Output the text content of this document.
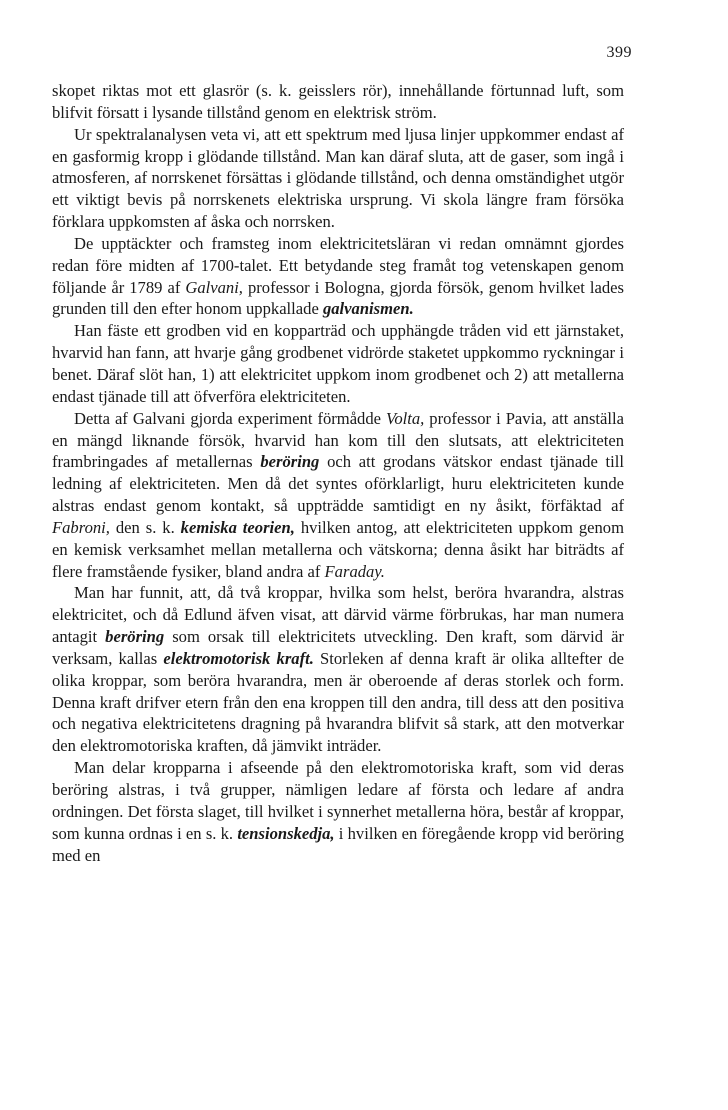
399

skopet riktas mot ett glasrör (s. k. geisslers rör), innehållande förtunnad luft, som blifvit försatt i lysande tillstånd genom en elektrisk ström.

Ur spektralanalysen veta vi, att ett spektrum med ljusa linjer uppkommer endast af en gasformig kropp i glödande tillstånd. Man kan däraf sluta, att de gaser, som ingå i atmosferen, af norrskenet försättas i glödande tillstånd, och denna omständighet utgör ett viktigt bevis på norrskenets elektriska ursprung. Vi skola längre fram försöka förklara uppkomsten af åska och norrsken.

De upptäckter och framsteg inom elektricitetsläran vi redan omnämnt gjordes redan före midten af 1700-talet. Ett betydande steg framåt tog vetenskapen genom följande år 1789 af Galvani, professor i Bologna, gjorda försök, genom hvilket lades grunden till den efter honom uppkallade galvanismen.

Han fäste ett grodben vid en kopparträd och upphängde tråden vid ett järnstaket, hvarvid han fann, att hvarje gång grodbenet vidrörde staketet uppkommo ryckningar i benet. Däraf slöt han, 1) att elektricitet uppkom inom grodbenet och 2) att metallerna endast tjänade till att öfverföra elektriciteten.

Detta af Galvani gjorda experiment förmådde Volta, professor i Pavia, att anställa en mängd liknande försök, hvarvid han kom till den slutsats, att elektriciteten frambringades af metallernas beröring och att grodans vätskor endast tjänade till ledning af elektriciteten. Men då det syntes oförklarligt, huru elektriciteten kunde alstras endast genom kontakt, så uppträdde samtidigt en ny åsikt, förfäktad af Fabroni, den s. k. kemiska teorien, hvilken antog, att elektriciteten uppkom genom en kemisk verksamhet mellan metallerna och vätskorna; denna åsikt har biträdts af flere framstående fysiker, bland andra af Faraday.

Man har funnit, att, då två kroppar, hvilka som helst, beröra hvarandra, alstras elektricitet, och då Edlund äfven visat, att därvid värme förbrukas, har man numera antagit beröring som orsak till elektricitets utveckling. Den kraft, som därvid är verksam, kallas elektromotorisk kraft. Storleken af denna kraft är olika alltefter de olika kroppar, som beröra hvarandra, men är oberoende af deras storlek och form. Denna kraft drifver etern från den ena kroppen till den andra, till dess att den positiva och negativa elektricitetens dragning på hvarandra blifvit så stark, att den motverkar den elektromotoriska kraften, då jämvikt inträder.

Man delar kropparna i afseende på den elektromotoriska kraft, som vid deras beröring alstras, i två grupper, nämligen ledare af första och ledare af andra ordningen. Det första slaget, till hvilket i synnerhet metallerna höra, består af kroppar, som kunna ordnas i en s. k. tensionskedja, i hvilken en föregående kropp vid beröring med en
